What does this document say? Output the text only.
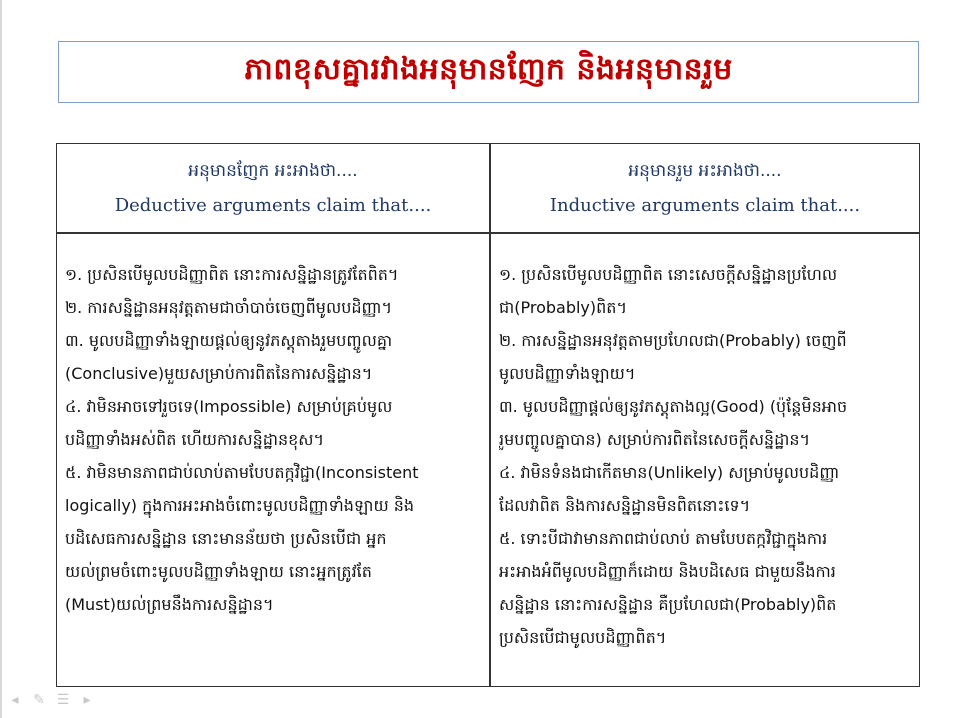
ភាពខុសគ្នារវាងអនុមានញែក និងអនុមានរួម
អនុមានញែក អះអាងថា....
Deductive arguments claim that....
អនុមានរួម អះអាងថា....
Inductive arguments claim that....
១. ប្រសិនបើមូលបដិញ្ញាពិត នោះការសន្និដ្ឋានត្រូវតែពិត។
២. ការសន្និដ្ឋានអនុវត្តតាមជាចាំបាច់ចេញពីមូលបដិញ្ញា។
៣. មូលបដិញ្ញាទាំងឡាយផ្ដល់ឲ្យនូវភស្តុតាងរួមបញ្ចូលគ្នា
(Conclusive)មួយសម្រាប់ការពិតនៃការសន្និដ្ឋាន។
៤. វាមិនអាចទៅរួចទេ(Impossible) សម្រាប់គ្រប់មូល
បដិញ្ញាទាំងអស់ពិត ហើយការសន្និដ្ឋានខុស។
៥. វាមិនមានភាពជាប់លាប់តាមបែបតក្កវិជ្ជា(Inconsistent
logically) ក្នុងការអះអាងចំពោះមូលបដិញ្ញាទាំងឡាយ និង
បដិសេធការសន្និដ្ឋាន នោះមានន័យថា ប្រសិនបើជា អ្នក
យល់ព្រមចំពោះមូលបដិញ្ញាទាំងឡាយ នោះអ្នកត្រូវតែ
(Must)យល់ព្រមនឹងការសន្និដ្ឋាន។
១. ប្រសិនបើមូលបដិញ្ញាពិត នោះសេចក្ដីសន្និដ្ឋានប្រហែល
ជា(Probably)ពិត។
២. ការសន្និដ្ឋានអនុវត្តតាមប្រហែលជា(Probably) ចេញពី
មូលបដិញ្ញាទាំងឡាយ។
៣. មូលបដិញ្ញាផ្ដល់ឲ្យនូវភស្តុតាងល្អ(Good) (ប៉ុន្តែមិនអាច
រួមបញ្ចូលគ្នាបាន) សម្រាប់ការពិតនៃសេចក្ដីសន្និដ្ឋាន។
៤. វាមិនទំនងជាកើតមាន(Unlikely) សម្រាប់មូលបដិញ្ញា
ដែលវាពិត និងការសន្និដ្ឋានមិនពិតនោះទេ។
៥. ទោះបីជាវាមានភាពជាប់លាប់ តាមបែបតក្កវិជ្ជាក្នុងការ
អះអាងអំពីមូលបដិញ្ញាក៏ដោយ និងបដិសេធ ជាមួយនឹងការ
សន្និដ្ឋាន នោះការសន្និដ្ឋាន គឺប្រហែលជា(Probably)ពិត
ប្រសិនបើជាមូលបដិញ្ញាពិត។
◂ ✎ ☰ ▸
